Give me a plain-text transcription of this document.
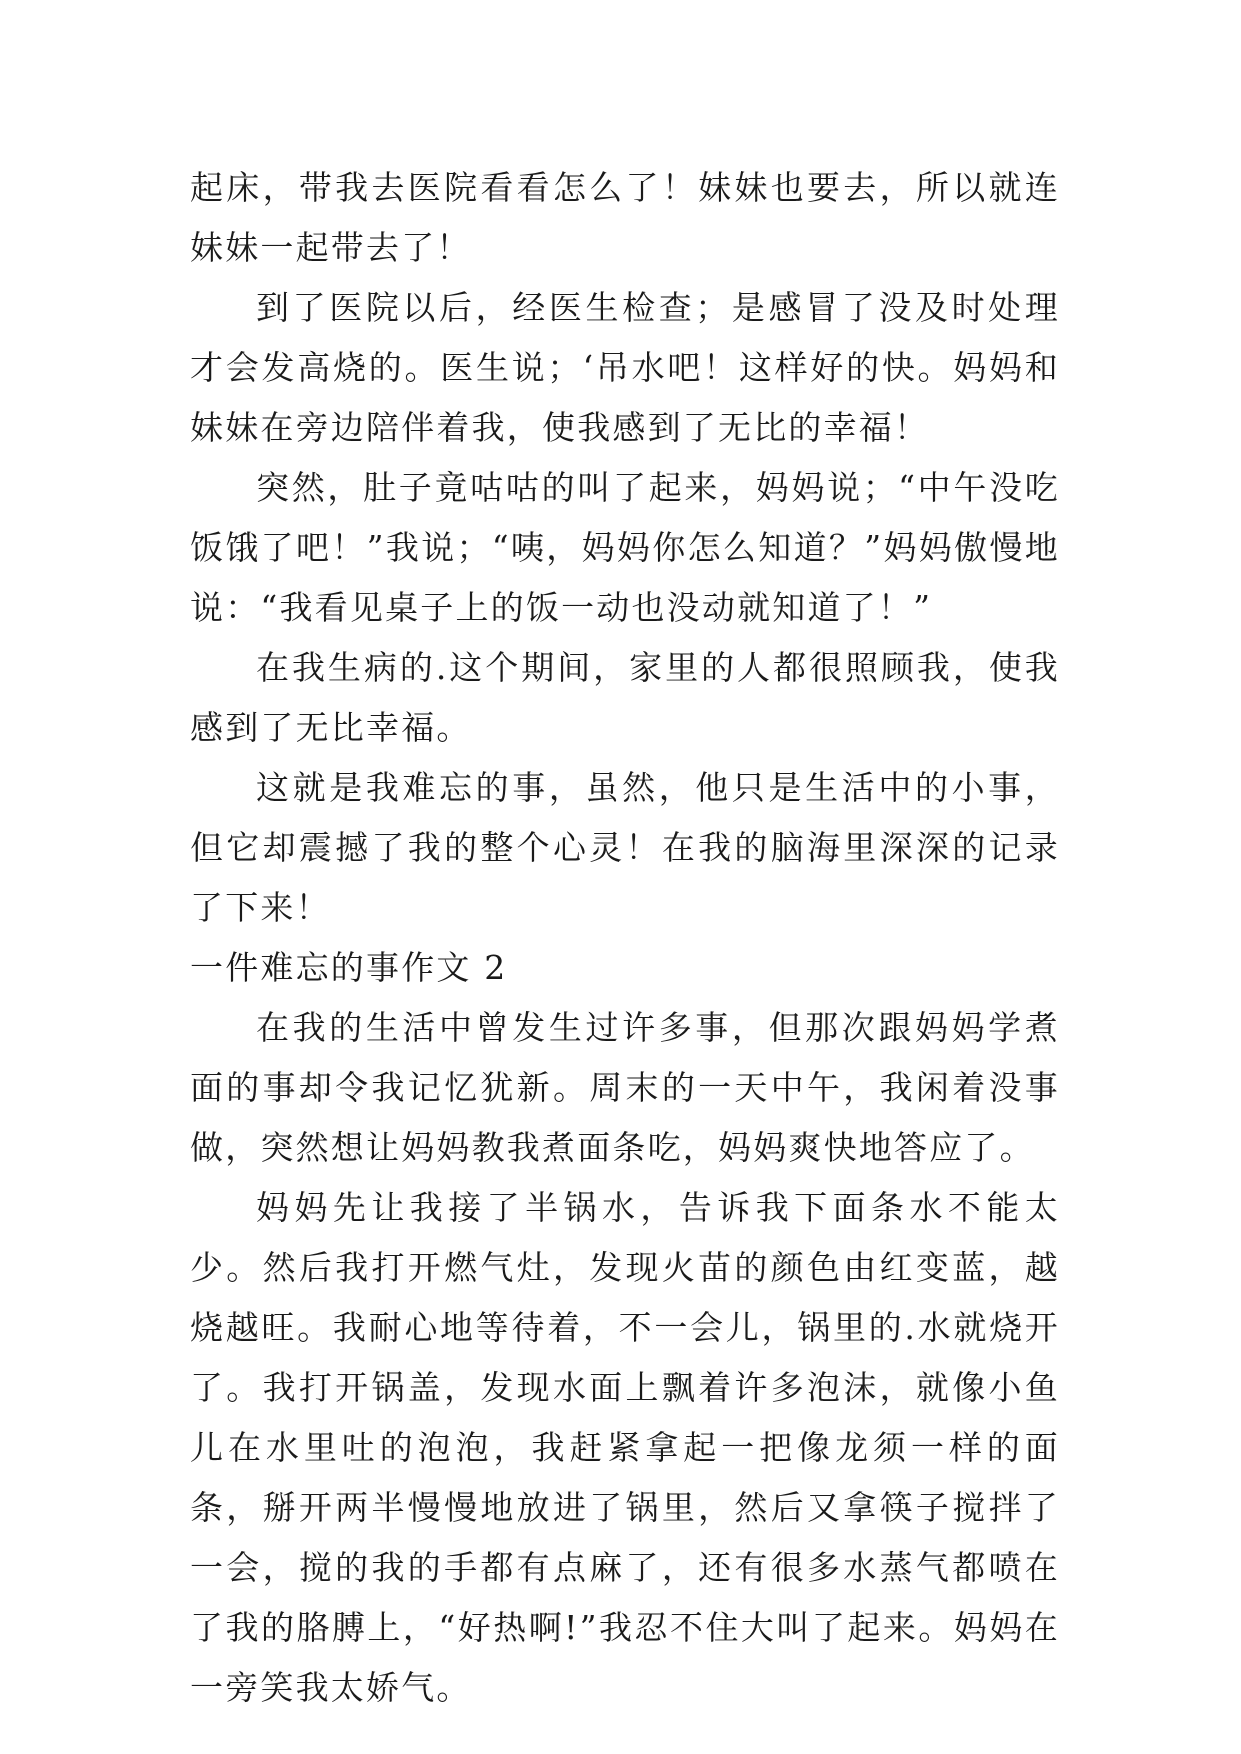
起床，带我去医院看看怎么了！妹妹也要去，所以就连妹妹一起带去了！

到了医院以后，经医生检查；是感冒了没及时处理才会发高烧的。医生说；‘吊水吧！这样好的快。妈妈和妹妹在旁边陪伴着我，使我感到了无比的幸福！

突然，肚子竟咕咕的叫了起来，妈妈说；“中午没吃饭饿了吧！”我说；“咦，妈妈你怎么知道？”妈妈傲慢地说：“我看见桌子上的饭一动也没动就知道了！”

在我生病的.这个期间，家里的人都很照顾我，使我感到了无比幸福。

这就是我难忘的事，虽然，他只是生活中的小事，但它却震撼了我的整个心灵！在我的脑海里深深的记录了下来！

一件难忘的事作文 2

在我的生活中曾发生过许多事，但那次跟妈妈学煮面的事却令我记忆犹新。周末的一天中午，我闲着没事做，突然想让妈妈教我煮面条吃，妈妈爽快地答应了。

妈妈先让我接了半锅水，告诉我下面条水不能太少。然后我打开燃气灶，发现火苗的颜色由红变蓝，越烧越旺。我耐心地等待着，不一会儿，锅里的.水就烧开了。我打开锅盖，发现水面上飘着许多泡沫，就像小鱼儿在水里吐的泡泡，我赶紧拿起一把像龙须一样的面条，掰开两半慢慢地放进了锅里，然后又拿筷子搅拌了一会，搅的我的手都有点麻了，还有很多水蒸气都喷在了我的胳膊上，“好热啊!”我忍不住大叫了起来。妈妈在一旁笑我太娇气。
